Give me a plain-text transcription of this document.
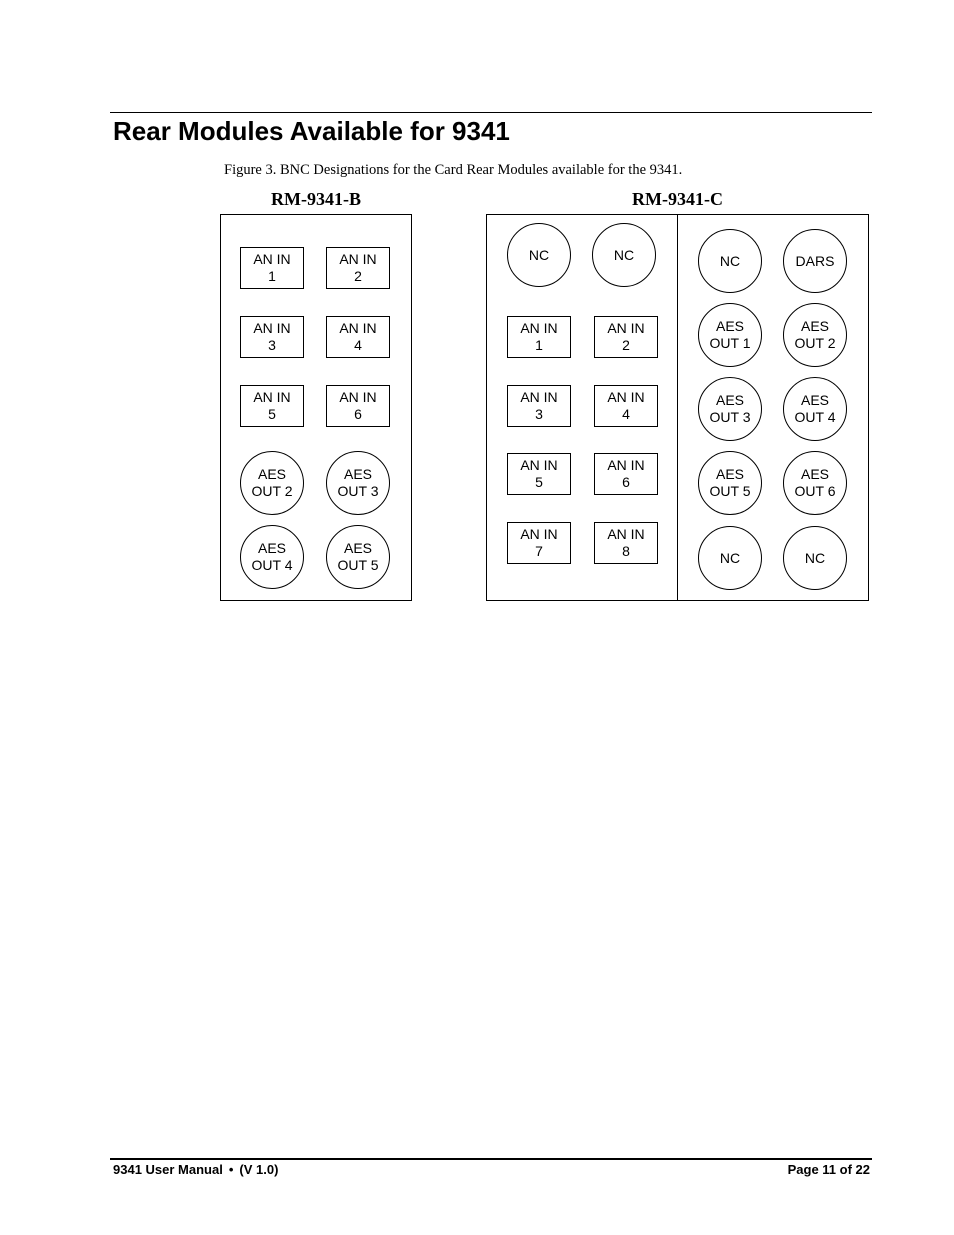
Rear Modules Available for 9341
Figure 3. BNC Designations for the Card Rear Modules available for the 9341.
RM-9341-B	RM-9341-C
AN IN
1
AN IN
2
AN IN
3
AN IN
4
AN IN
5
AN IN
6
AES
OUT 2
AES
OUT 3
AES
OUT 4
AES
OUT 5
NC	NC
AN IN
1
AN IN
2
AN IN
3
AN IN
4
AN IN
5
AN IN
6
AN IN
7
AN IN
8
NC	DARS
AES
OUT 1
AES
OUT 2
AES
OUT 3
AES
OUT 4
AES
OUT 5
AES
OUT 6
NC	NC
9341 User Manual • (V 1.0)	Page 11 of 22
